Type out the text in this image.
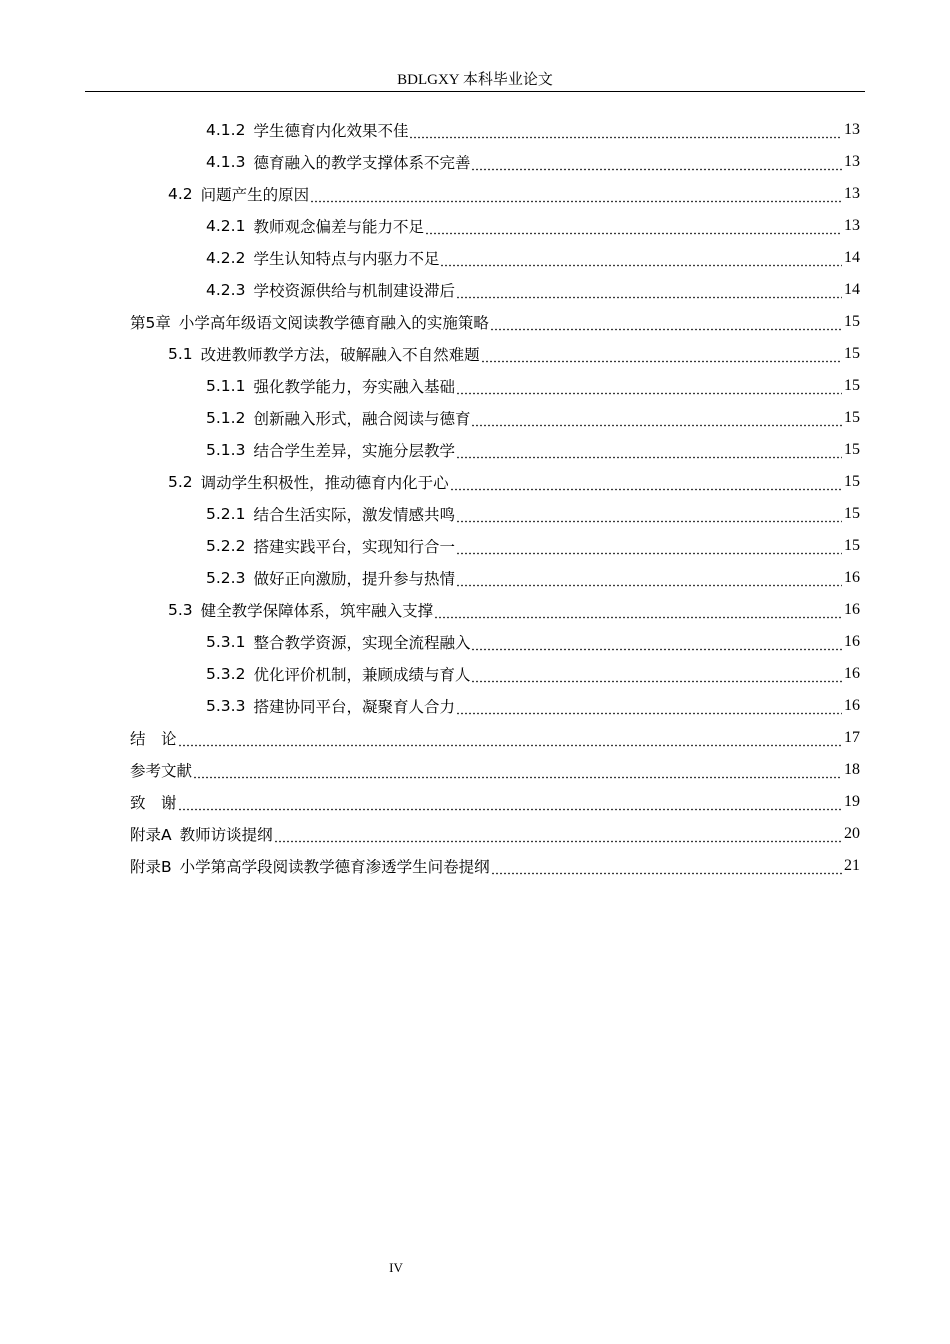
BDLGXY 本科毕业论文
4.1.2 学生德育内化效果不佳	13
4.1.3 德育融入的教学支撑体系不完善	13
4.2 问题产生的原因	13
4.2.1 教师观念偏差与能力不足	13
4.2.2 学生认知特点与内驱力不足	14
4.2.3 学校资源供给与机制建设滞后	14
第5章 小学高年级语文阅读教学德育融入的实施策略	15
5.1 改进教师教学方法，破解融入不自然难题	15
5.1.1 强化教学能力，夯实融入基础	15
5.1.2 创新融入形式，融合阅读与德育	15
5.1.3 结合学生差异，实施分层教学	15
5.2 调动学生积极性，推动德育内化于心	15
5.2.1 结合生活实际，激发情感共鸣	15
5.2.2 搭建实践平台，实现知行合一	15
5.2.3 做好正向激励，提升参与热情	16
5.3 健全教学保障体系，筑牢融入支撑	16
5.3.1 整合教学资源，实现全流程融入	16
5.3.2 优化评价机制，兼顾成绩与育人	16
5.3.3 搭建协同平台，凝聚育人合力	16
结　论	17
参考文献	18
致　谢	19
附录A 教师访谈提纲	20
附录B 小学第高学段阅读教学德育渗透学生问卷提纲	21
IV
